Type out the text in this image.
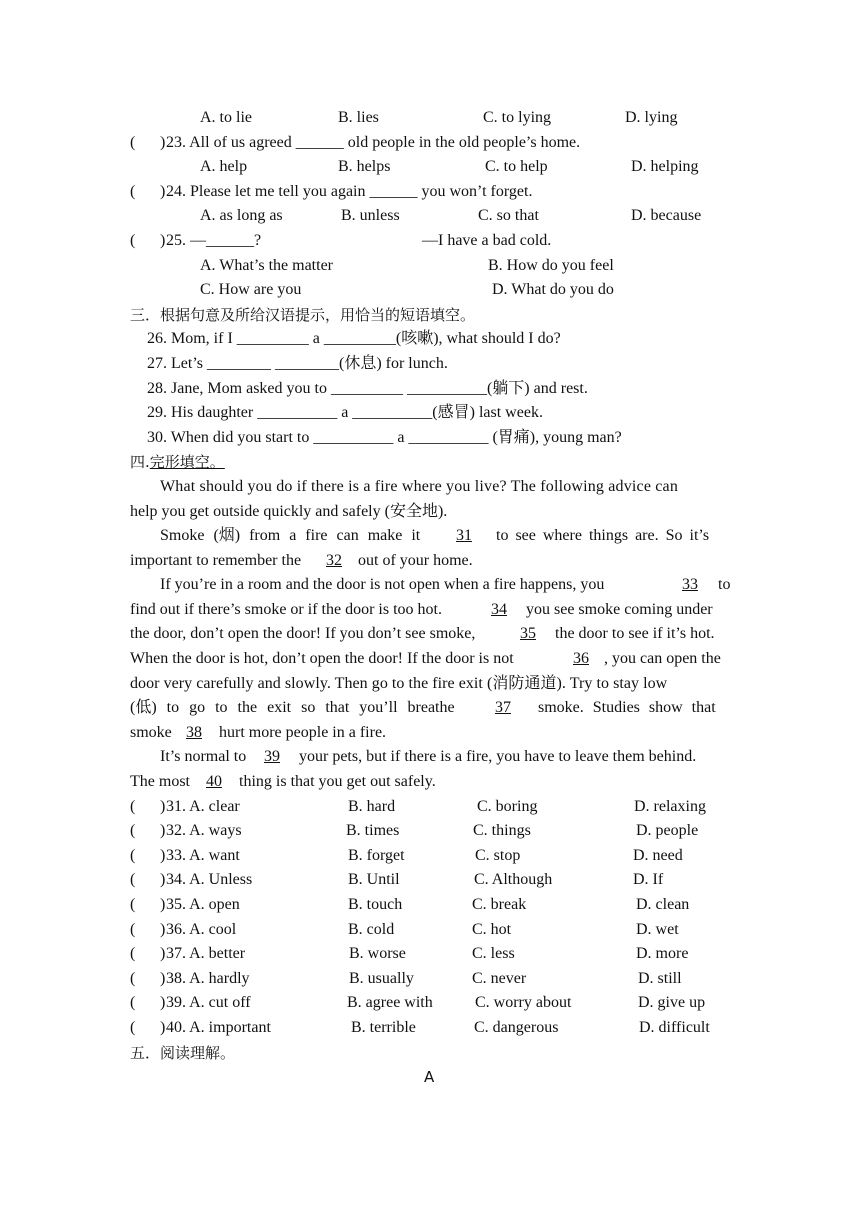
A. to lie	B. lies	C. to lying	D. lying
( ) 23. All of us agreed ______ old people in the old people’s home.
A. help	B. helps	C. to help	D. helping
( ) 24. Please let me tell you again ______ you won’t forget.
A. as long as	B. unless	C. so that	D. because
( ) 25. —______?	—I have a bad cold.
A. What’s the matter	B. How do you feel
C. How are you	D. What do you do
三．根据句意及所给汉语提示，用恰当的短语填空。
26. Mom, if I _________ a _________(咳嗽), what should I do?
27. Let’s ________ ________(休息) for lunch.
28. Jane, Mom asked you to _________ __________(躺下) and rest.
29. His daughter __________ a __________(感冒) last week.
30. When did you start to __________ a __________ (胃痛), young man?
四.完形填空。
What should you do if there is a fire where you live? The following advice can
help you get outside quickly and safely (安全地).
Smoke (烟) from a fire can make it 31 to see where things are. So it’s
important to remember the 32 out of your home.
If you’re in a room and the door is not open when a fire happens, you	33 to
find out if there’s smoke or if the door is too hot.	34 you see smoke coming under
the door, don’t open the door! If you don’t see smoke,	35 the door to see if it’s hot.
When the door is hot, don’t open the door! If the door is not	36 , you can open the
door very carefully and slowly. Then go to the fire exit (消防通道). Try to stay low
(低) to go to the exit so that you’ll breathe	37 smoke. Studies show that
smoke 38 hurt more people in a fire.
It’s normal to 39 your pets, but if there is a fire, you have to leave them behind.
The most 40 thing is that you get out safely.
( ) 31. A. clear	B. hard	C. boring	D. relaxing
( ) 32. A. ways	B. times	C. things	D. people
( ) 33. A. want	B. forget	C. stop	D. need
( ) 34. A. Unless	B. Until	C. Although	D. If
( ) 35. A. open	B. touch	C. break	D. clean
( ) 36. A. cool	B. cold	C. hot	D. wet
( ) 37. A. better	B. worse	C. less	D. more
( ) 38. A. hardly	B. usually	C. never	D. still
( ) 39. A. cut off	B. agree with	C. worry about	D. give up
( ) 40. A. important	B. terrible	C. dangerous	D. difficult
五．阅读理解。
A
